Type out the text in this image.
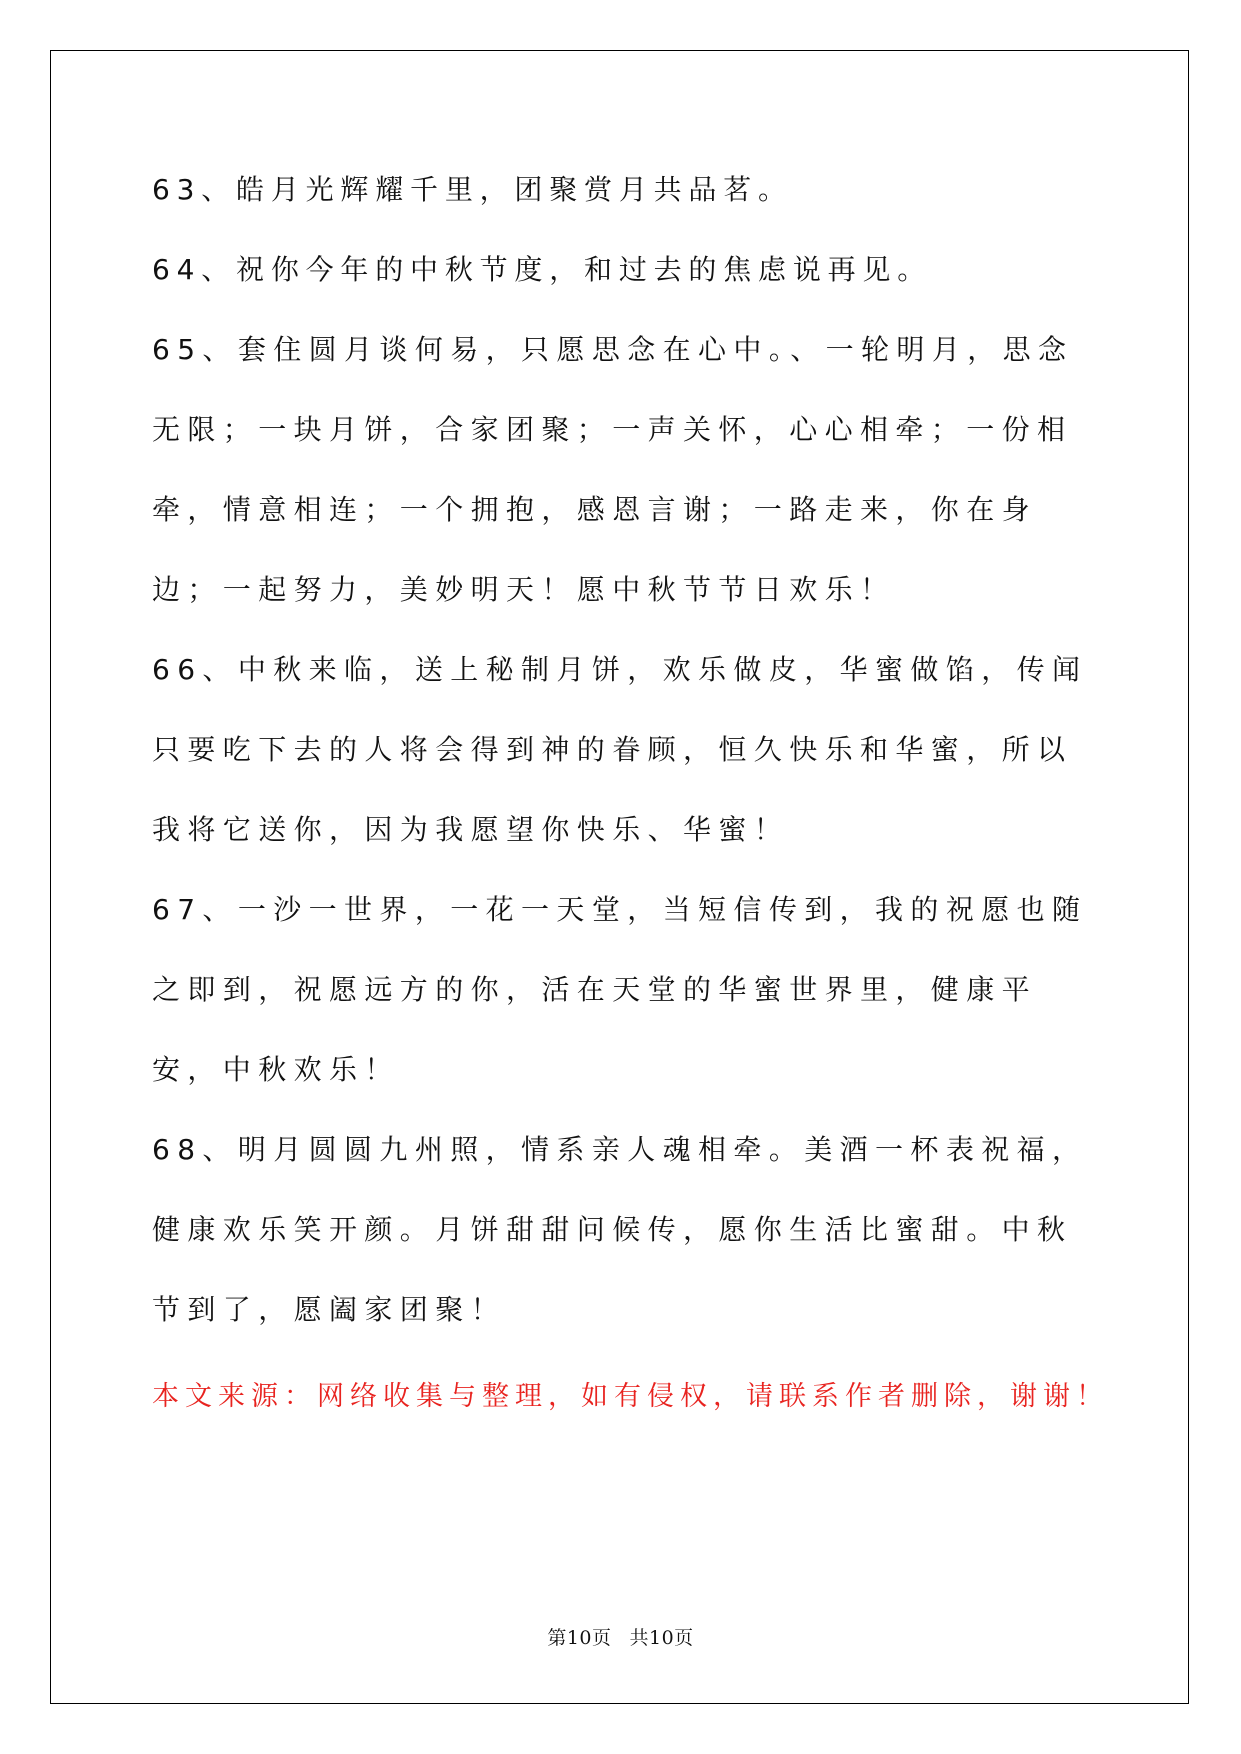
63、皓月光辉耀千里，团聚赏月共品茗。

64、祝你今年的中秋节度，和过去的焦虑说再见。

65、套住圆月谈何易，只愿思念在心中。、一轮明月，思念无限；一块月饼，合家团聚；一声关怀，心心相牵；一份相牵，情意相连；一个拥抱，感恩言谢；一路走来，你在身边；一起努力，美妙明天！愿中秋节节日欢乐！

66、中秋来临，送上秘制月饼，欢乐做皮，华蜜做馅，传闻只要吃下去的人将会得到神的眷顾，恒久快乐和华蜜，所以我将它送你，因为我愿望你快乐、华蜜！

67、一沙一世界，一花一天堂，当短信传到，我的祝愿也随之即到，祝愿远方的你，活在天堂的华蜜世界里，健康平安，中秋欢乐！

68、明月圆圆九州照，情系亲人魂相牵。美酒一杯表祝福，健康欢乐笑开颜。月饼甜甜问候传，愿你生活比蜜甜。中秋节到了，愿阖家团聚！

本文来源：网络收集与整理，如有侵权，请联系作者删除，谢谢！

第10页 共10页
